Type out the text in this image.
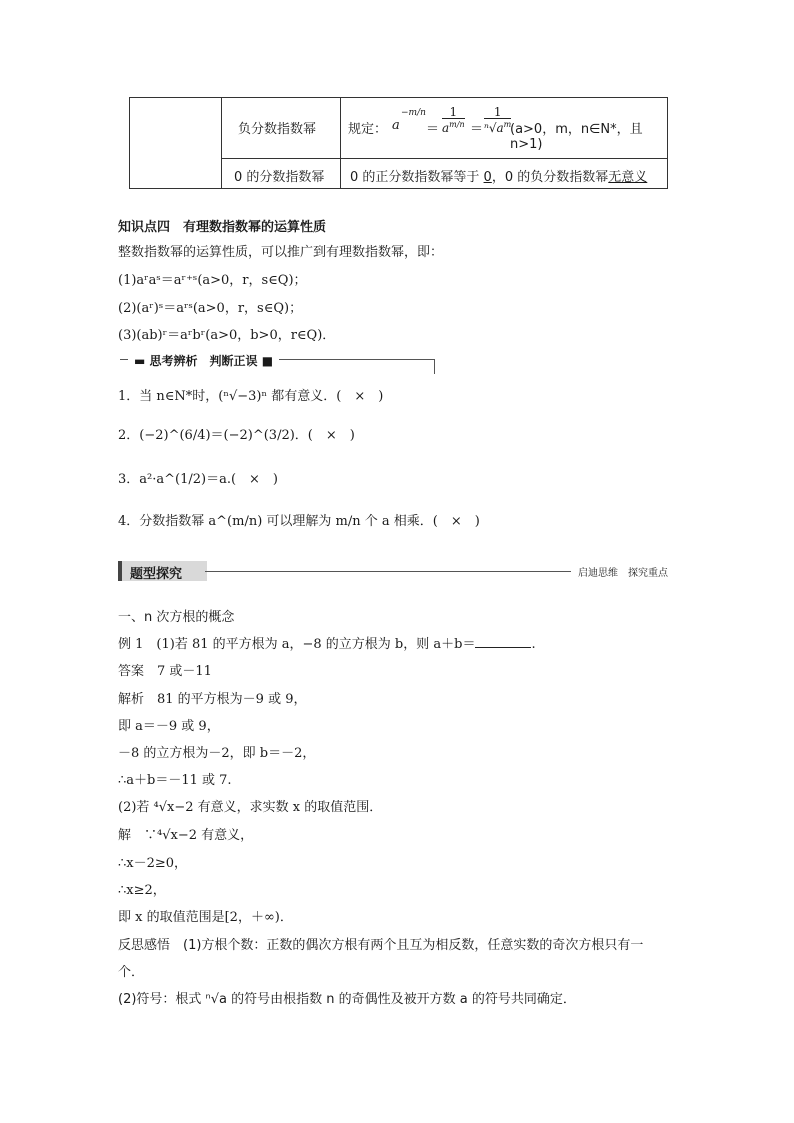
负分数指数幂 规定： a
−m/n
＝ $\frac{1}{a^{m/n}} = \frac{1}{^n√a^m}$
(a>0，m，n∈N*，且 n>1)
0 的分数指数幂 0 的正分数指数幂等于 0，0 的负分数指数幂无意义
知识点四　有理数指数幂的运算性质
整数指数幂的运算性质，可以推广到有理数指数幂，即：
(1)aʳaˢ＝aʳ⁺ˢ(a>0，r，s∈Q)；
(2)(aʳ)ˢ＝aʳˢ(a>0，r，s∈Q)；
(3)(ab)ʳ＝aʳbʳ(a>0，b>0，r∈Q)．
▬ 思考辨析　判断正误 ■
1．当 n∈N*时，(ⁿ√−3)ⁿ 都有意义．(　×　)
2．(−2)^(6/4)＝(−2)^(3/2)．(　×　)
3．a²·a^(1/2)＝a.(　×　)
4．分数指数幂 a^(m/n) 可以理解为 m/n 个 a 相乘．(　×　)
题型探究	启迪思维　探究重点
一、n 次方根的概念
例 1　(1)若 81 的平方根为 a，−8 的立方根为 b，则 a＋b＝	.
答案　7 或－11
解析　81 的平方根为－9 或 9，
即 a＝－9 或 9，
－8 的立方根为－2，即 b＝－2，
∴a＋b＝－11 或 7.
(2)若 ⁴√x−2 有意义，求实数 x 的取值范围．
解　∵⁴√x−2 有意义，
∴x－2≥0，
∴x≥2，
即 x 的取值范围是[2，＋∞)．
反思感悟　(1)方根个数：正数的偶次方根有两个且互为相反数，任意实数的奇次方根只有一
个．
(2)符号：根式 ⁿ√a 的符号由根指数 n 的奇偶性及被开方数 a 的符号共同确定．
